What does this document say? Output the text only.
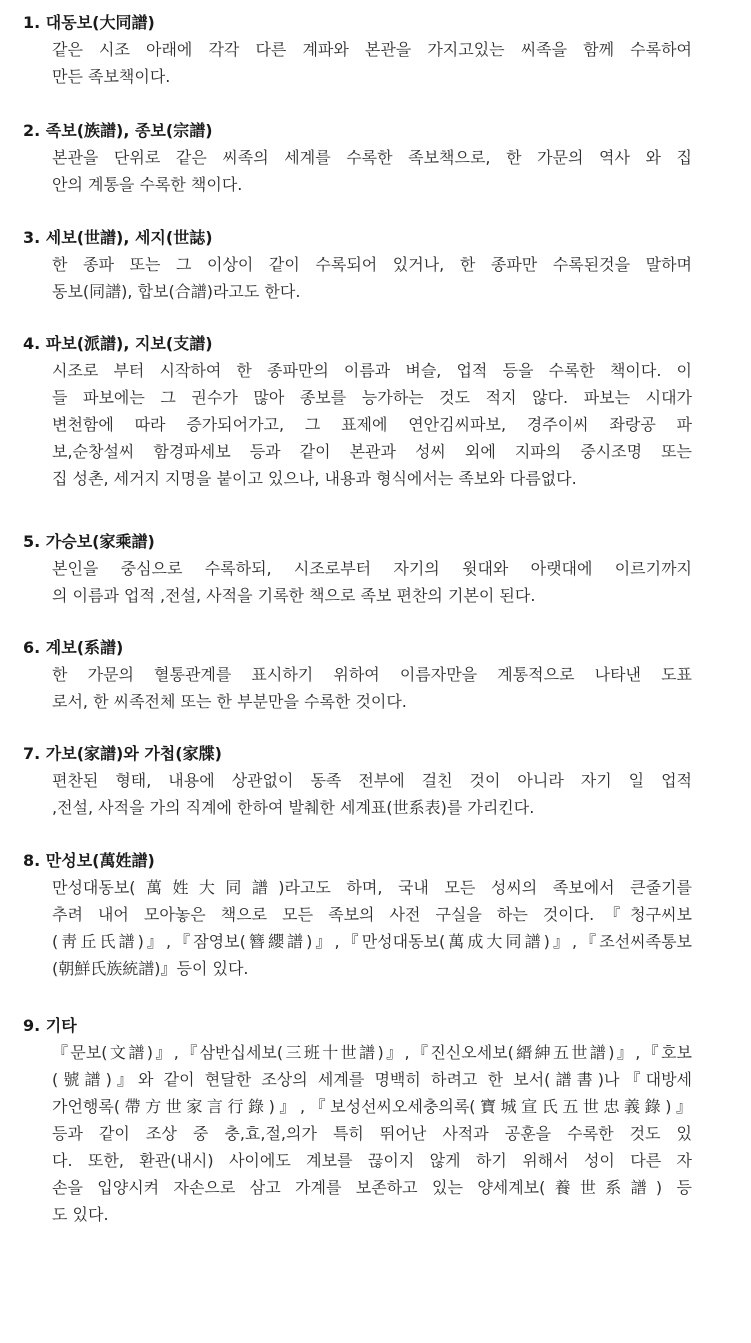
1. 대동보(大同譜)
같은 시조 아래에 각각 다른 계파와 본관을 가지고있는 씨족을 함께 수록하여
만든 족보책이다.
2. 족보(族譜), 종보(宗譜)
본관을 단위로 같은 씨족의 세계를 수록한 족보책으로, 한 가문의 역사 와 집
안의 계통을 수록한 책이다.
3. 세보(世譜), 세지(世誌)
한 종파 또는 그 이상이 같이 수록되어 있거나, 한 종파만 수록된것을 말하며
동보(同譜), 합보(合譜)라고도 한다.
4. 파보(派譜), 지보(支譜)
시조로 부터 시작하여 한 종파만의 이름과 벼슬, 업적 등을 수록한 책이다. 이
들 파보에는 그 권수가 많아 종보를 능가하는 것도 적지 않다. 파보는 시대가
변천함에 따라 증가되어가고, 그 표제에 연안김씨파보, 경주이씨 좌랑공 파
보,순창설씨 함경파세보 등과 같이 본관과 성씨 외에 지파의 중시조명 또는
집 성촌, 세거지 지명을 붙이고 있으나, 내용과 형식에서는 족보와 다름없다.
5. 가승보(家乘譜)
본인을 중심으로 수록하되, 시조로부터 자기의 윗대와 아랫대에 이르기까지
의 이름과 업적 ,전설, 사적을 기록한 책으로 족보 편찬의 기본이 된다.
6. 계보(系譜)
한 가문의 혈통관계를 표시하기 위하여 이름자만을 계통적으로 나타낸 도표
로서, 한 씨족전체 또는 한 부분만을 수록한 것이다.
7. 가보(家譜)와 가첩(家牒)
편찬된 형태, 내용에 상관없이 동족 전부에 걸친 것이 아니라 자기 일 업적
,전설, 사적을 가의 직계에 한하여 발췌한 세계표(世系表)를 가리킨다.
8. 만성보(萬姓譜)
만성대동보(萬姓大同譜)라고도 하며, 국내 모든 성씨의 족보에서 큰줄기를
추려 내어 모아놓은 책으로 모든 족보의 사전 구실을 하는 것이다.『청구씨보
(靑丘氏譜)』,『잠영보(簪纓譜)』,『만성대동보(萬成大同譜)』,『조선씨족통보
(朝鮮氏族統譜)』등이 있다.
9. 기타
『문보(文譜)』,『삼반십세보(三班十世譜)』,『진신오세보(縉紳五世譜)』,『호보
(號譜)』와 같이 현달한 조상의 세계를 명백히 하려고 한 보서(譜書)나『대방세
가언행록(帶方世家言行錄)』,『보성선씨오세충의록(寶城宣氏五世忠義錄)』
등과 같이 조상 중 충,효,절,의가 특히 뛰어난 사적과 공훈을 수록한 것도 있
다. 또한, 환관(내시) 사이에도 계보를 끊이지 않게 하기 위해서 성이 다른 자
손을 입양시켜 자손으로 삼고 가계를 보존하고 있는 양세계보(養世系譜) 등
도 있다.
